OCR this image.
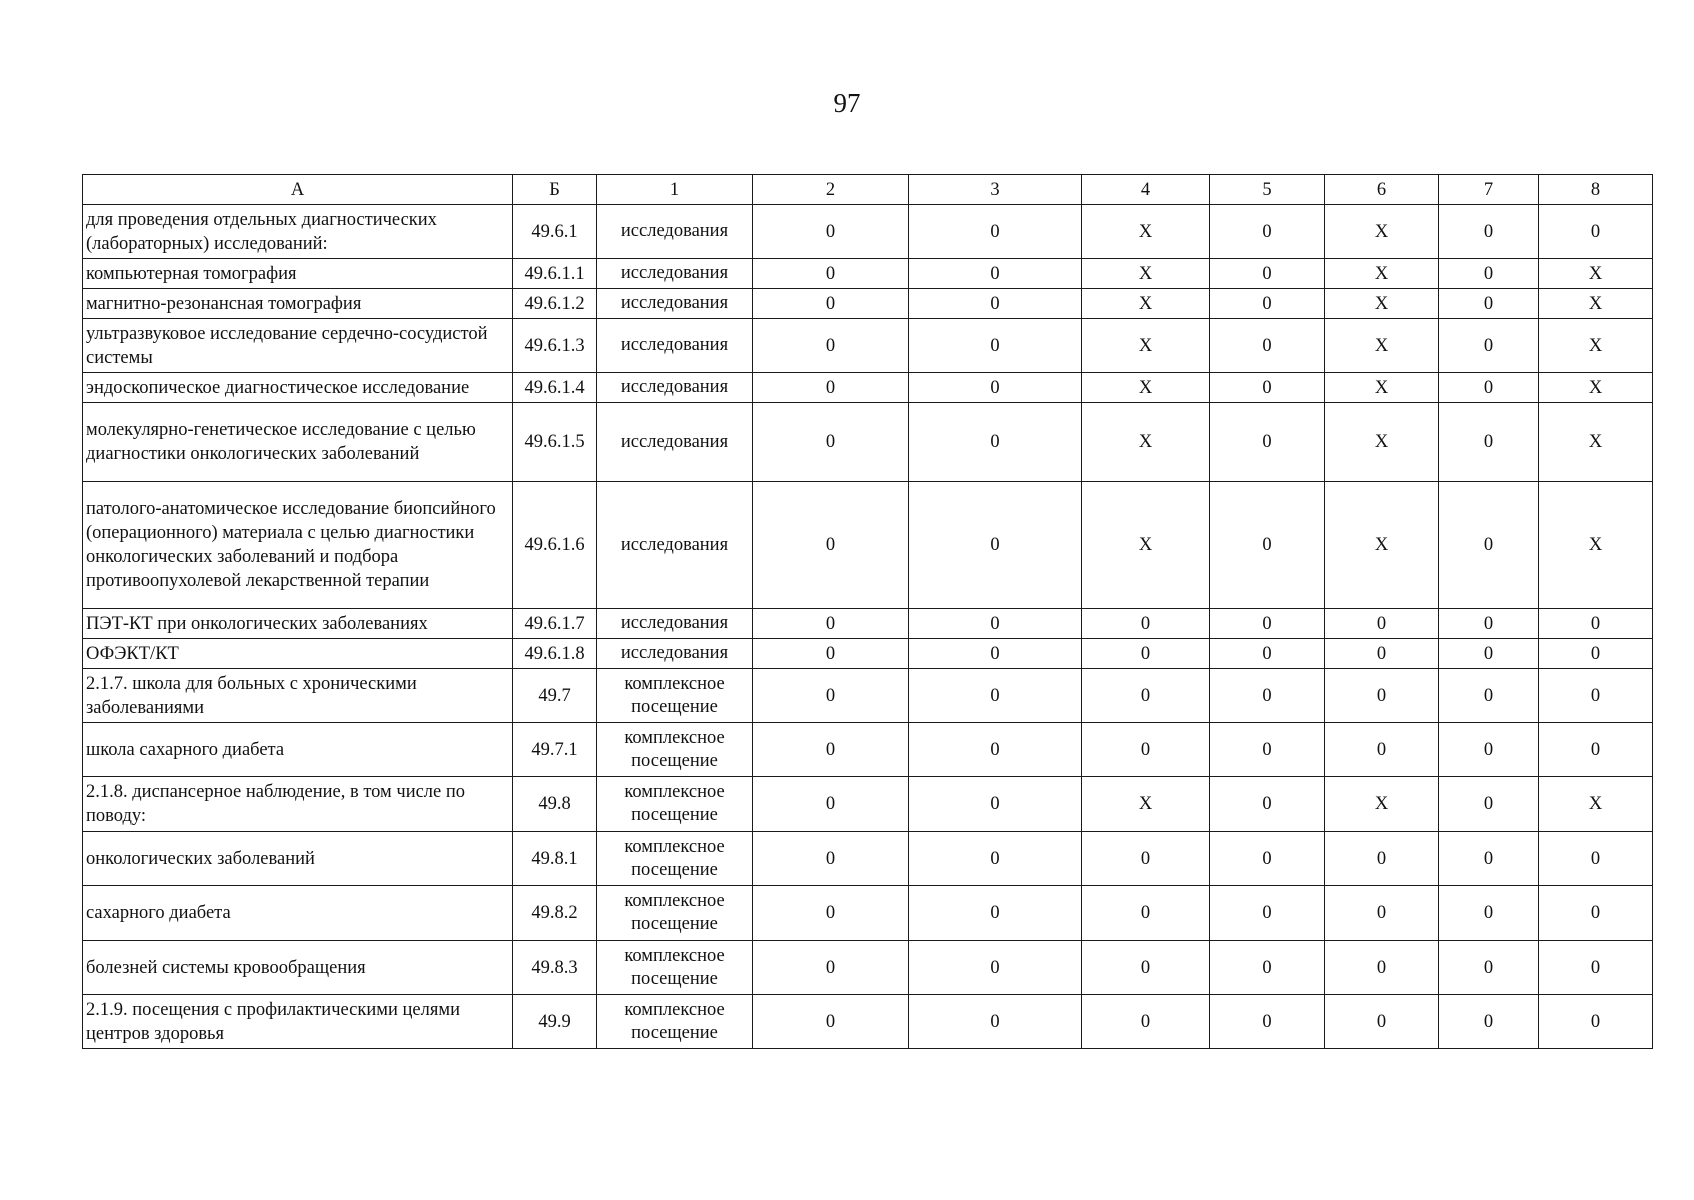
97
А	Б	1	2	3	4	5	6	7	8
для проведения отдельных диагностических (лабораторных) исследований:	49.6.1	исследования	0	0	X	0	X	0	0
компьютерная томография	49.6.1.1	исследования	0	0	X	0	X	0	X
магнитно-резонансная томография	49.6.1.2	исследования	0	0	X	0	X	0	X
ультразвуковое исследование сердечно-сосудистой системы	49.6.1.3	исследования	0	0	X	0	X	0	X
эндоскопическое диагностическое исследование	49.6.1.4	исследования	0	0	X	0	X	0	X
молекулярно-генетическое исследование с целью диагностики онкологических заболеваний	49.6.1.5	исследования	0	0	X	0	X	0	X
патолого-анатомическое исследование биопсийного (операционного) материала с целью диагностики онкологических заболеваний и подбора противоопухолевой лекарственной терапии	49.6.1.6	исследования	0	0	X	0	X	0	X
ПЭТ-КТ при онкологических заболеваниях	49.6.1.7	исследования	0	0	0	0	0	0	0
ОФЭКТ/КТ	49.6.1.8	исследования	0	0	0	0	0	0	0
2.1.7. школа для больных с хроническими заболеваниями	49.7	комплексное посещение	0	0	0	0	0	0	0
школа сахарного диабета	49.7.1	комплексное посещение	0	0	0	0	0	0	0
2.1.8. диспансерное наблюдение, в том числе по поводу:	49.8	комплексное посещение	0	0	X	0	X	0	X
онкологических заболеваний	49.8.1	комплексное посещение	0	0	0	0	0	0	0
сахарного диабета	49.8.2	комплексное посещение	0	0	0	0	0	0	0
болезней системы кровообращения	49.8.3	комплексное посещение	0	0	0	0	0	0	0
2.1.9. посещения с профилактическими целями центров здоровья	49.9	комплексное посещение	0	0	0	0	0	0	0
